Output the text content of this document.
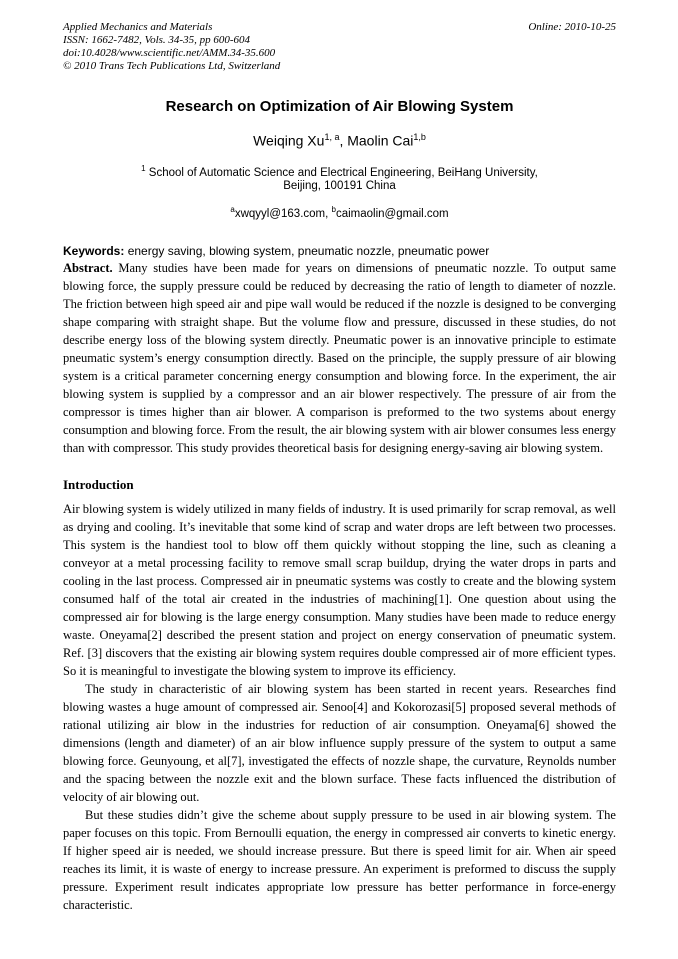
Applied Mechanics and Materials
ISSN: 1662-7482, Vols. 34-35, pp 600-604
doi:10.4028/www.scientific.net/AMM.34-35.600
© 2010 Trans Tech Publications Ltd, Switzerland
Online: 2010-10-25
Research on Optimization of Air Blowing System
Weiqing Xu$^{1, a}$, Maolin Cai$^{1,b}$
$^1$ School of Automatic Science and Electrical Engineering, BeiHang University,
Beijing, 100191 China
$^a$xwqyyl@163.com, $^b$caimaolin@gmail.com
Keywords: energy saving, blowing system, pneumatic nozzle, pneumatic power

Abstract. Many studies have been made for years on dimensions of pneumatic nozzle. To output same blowing force, the supply pressure could be reduced by decreasing the ratio of length to diameter of nozzle. The friction between high speed air and pipe wall would be reduced if the nozzle is designed to be converging shape comparing with straight shape. But the volume flow and pressure, discussed in these studies, do not describe energy loss of the blowing system directly. Pneumatic power is an innovative principle to estimate pneumatic system’s energy consumption directly. Based on the principle, the supply pressure of air blowing system is a critical parameter concerning energy consumption and blowing force. In the experiment, the air blowing system is supplied by a compressor and an air blower respectively. The pressure of air from the compressor is times higher than air blower. A comparison is preformed to the two systems about energy consumption and blowing force. From the result, the air blowing system with air blower consumes less energy than with compressor. This study provides theoretical basis for designing energy-saving air blowing system.

Introduction

Air blowing system is widely utilized in many fields of industry. It is used primarily for scrap removal, as well as drying and cooling. It’s inevitable that some kind of scrap and water drops are left between two processes. This system is the handiest tool to blow off them quickly without stopping the line, such as cleaning a conveyor at a metal processing facility to remove small scrap buildup, drying the water drops in parts and cooling in the last process. Compressed air in pneumatic systems was costly to create and the blowing system consumed half of the total air created in the industries of machining[1]. One question about using the compressed air for blowing is the large energy consumption. Many studies have been made to reduce energy waste. Oneyama[2] described the present station and project on energy conservation of pneumatic system. Ref. [3] discovers that the existing air blowing system requires double compressed air of more efficient types. So it is meaningful to investigate the blowing system to improve its efficiency.

The study in characteristic of air blowing system has been started in recent years. Researches find blowing wastes a huge amount of compressed air. Senoo[4] and Kokorozasi[5] proposed several methods of rational utilizing air blow in the industries for reduction of air consumption. Oneyama[6] showed the dimensions (length and diameter) of an air blow influence supply pressure of the system to output a same blowing force. Geunyoung, et al[7], investigated the effects of nozzle shape, the curvature, Reynolds number and the spacing between the nozzle exit and the blown surface. These facts influenced the distribution of velocity of air blowing out.

But these studies didn’t give the scheme about supply pressure to be used in air blowing system. The paper focuses on this topic. From Bernoulli equation, the energy in compressed air converts to kinetic energy. If higher speed air is needed, we should increase pressure. But there is speed limit for air. When air speed reaches its limit, it is waste of energy to increase pressure. An experiment is preformed to discuss the supply pressure. Experiment result indicates appropriate low pressure has better performance in force-energy characteristic.
